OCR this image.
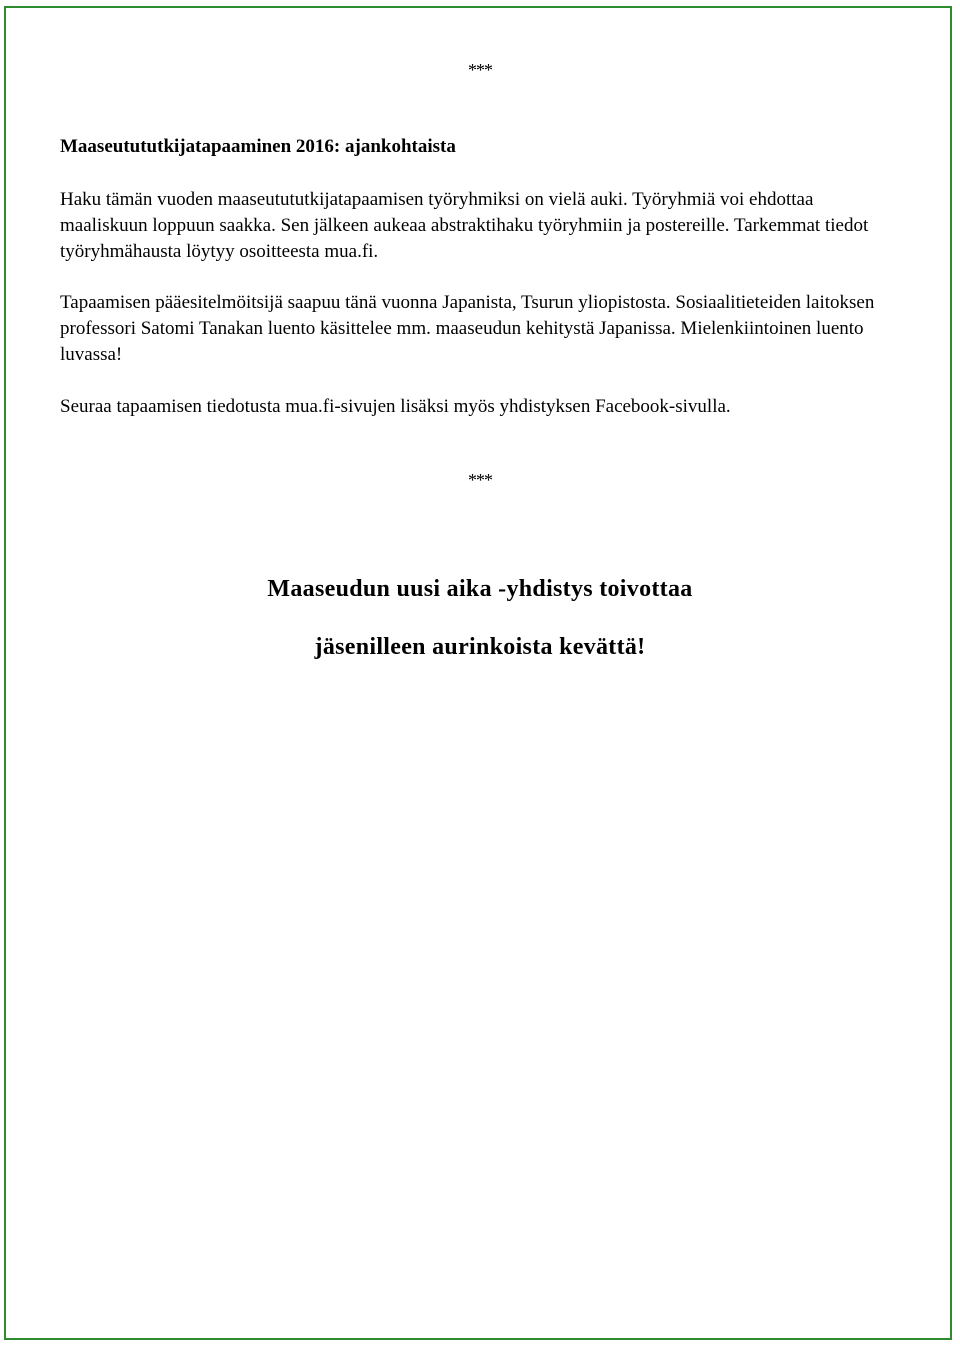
***
Maaseutututkijatapaaminen 2016: ajankohtaista

Haku tämän vuoden maaseutututkijatapaamisen työryhmiksi on vielä auki. Työryhmiä voi ehdottaa maaliskuun loppuun saakka. Sen jälkeen aukeaa abstraktihaku työryhmiin ja postereille. Tarkemmat tiedot työryhmähausta löytyy osoitteesta mua.fi.

Tapaamisen pääesitelmöitsijä saapuu tänä vuonna Japanista, Tsurun yliopistosta. Sosiaalitieteiden laitoksen professori Satomi Tanakan luento käsittelee mm. maaseudun kehitystä Japanissa. Mielenkiintoinen luento luvassa!

Seuraa tapaamisen tiedotusta mua.fi-sivujen lisäksi myös yhdistyksen Facebook-sivulla.

***

Maaseudun uusi aika -yhdistys toivottaa

jäsenilleen aurinkoista kevättä!
